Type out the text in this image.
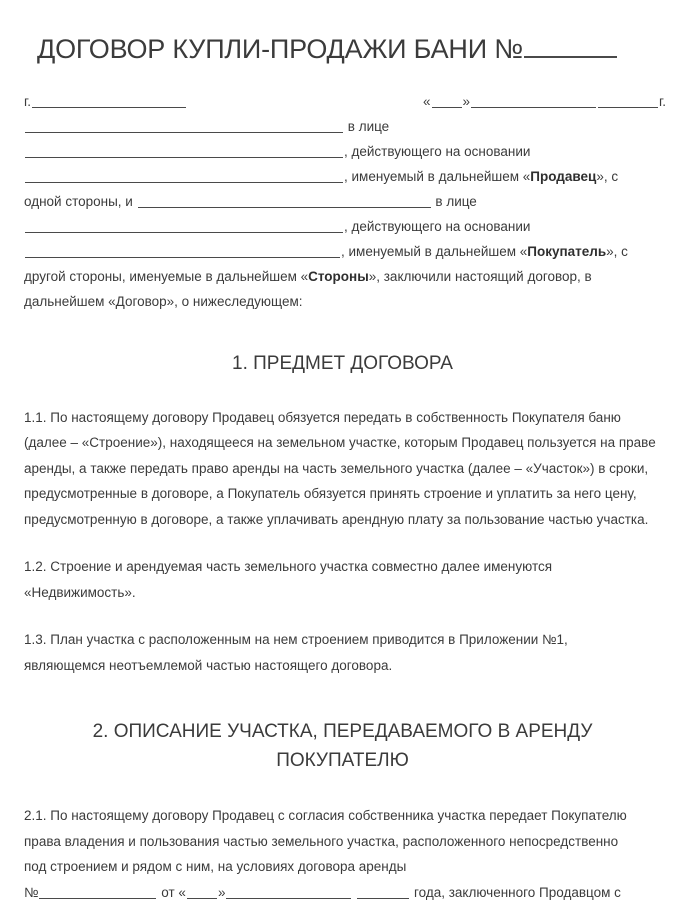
ДОГОВОР КУПЛИ-ПРОДАЖИ БАНИ №
г.	« »	г.
в лице
, действующего на основании
, именуемый в дальнейшем «Продавец», с
одной стороны, и	в лице
, действующего на основании
, именуемый в дальнейшем «Покупатель», с
другой стороны, именуемые в дальнейшем «Стороны», заключили настоящий договор, в
дальнейшем «Договор», о нижеследующем:
1. ПРЕДМЕТ ДОГОВОРА

1.1. По настоящему договору Продавец обязуется передать в собственность Покупателя баню (далее – «Строение»), находящееся на земельном участке, которым Продавец пользуется на праве аренды, а также передать право аренды на часть земельного участка (далее – «Участок») в сроки, предусмотренные в договоре, а Покупатель обязуется принять строение и уплатить за него цену, предусмотренную в договоре, а также уплачивать арендную плату за пользование частью участка.

1.2. Строение и арендуемая часть земельного участка совместно далее именуются «Недвижимость».

1.3. План участка с расположенным на нем строением приводится в Приложении №1, являющемся неотъемлемой частью настоящего договора.

2. ОПИСАНИЕ УЧАСТКА, ПЕРЕДАВАЕМОГО В АРЕНДУ
ПОКУПАТЕЛЮ

2.1. По настоящему договору Продавец с согласия собственника участка передает Покупателю права владения и пользования частью земельного участка, расположенного непосредственно под строением и рядом с ним, на условиях договора аренды №	от « »	года, заключенного Продавцом с
